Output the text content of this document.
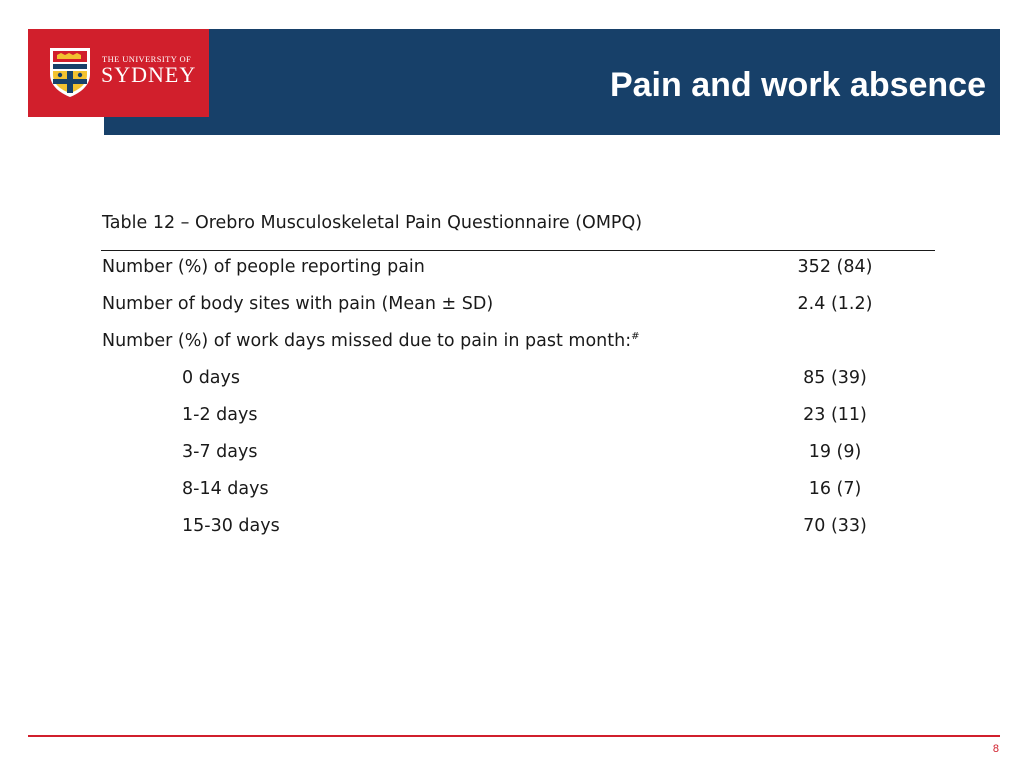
THE UNIVERSITY OF
SYDNEY	Pain and work absence
Table 12 – Orebro Musculoskeletal Pain Questionnaire (OMPQ)
Number (%) of people reporting pain	352 (84)
Number of body sites with pain (Mean ± SD)	2.4 (1.2)
Number (%) of work days missed due to pain in past month:#
0 days	85 (39)
1-2 days	23 (11)
3-7 days	19 (9)
8-14 days	16 (7)
15-30 days	70 (33)
8
